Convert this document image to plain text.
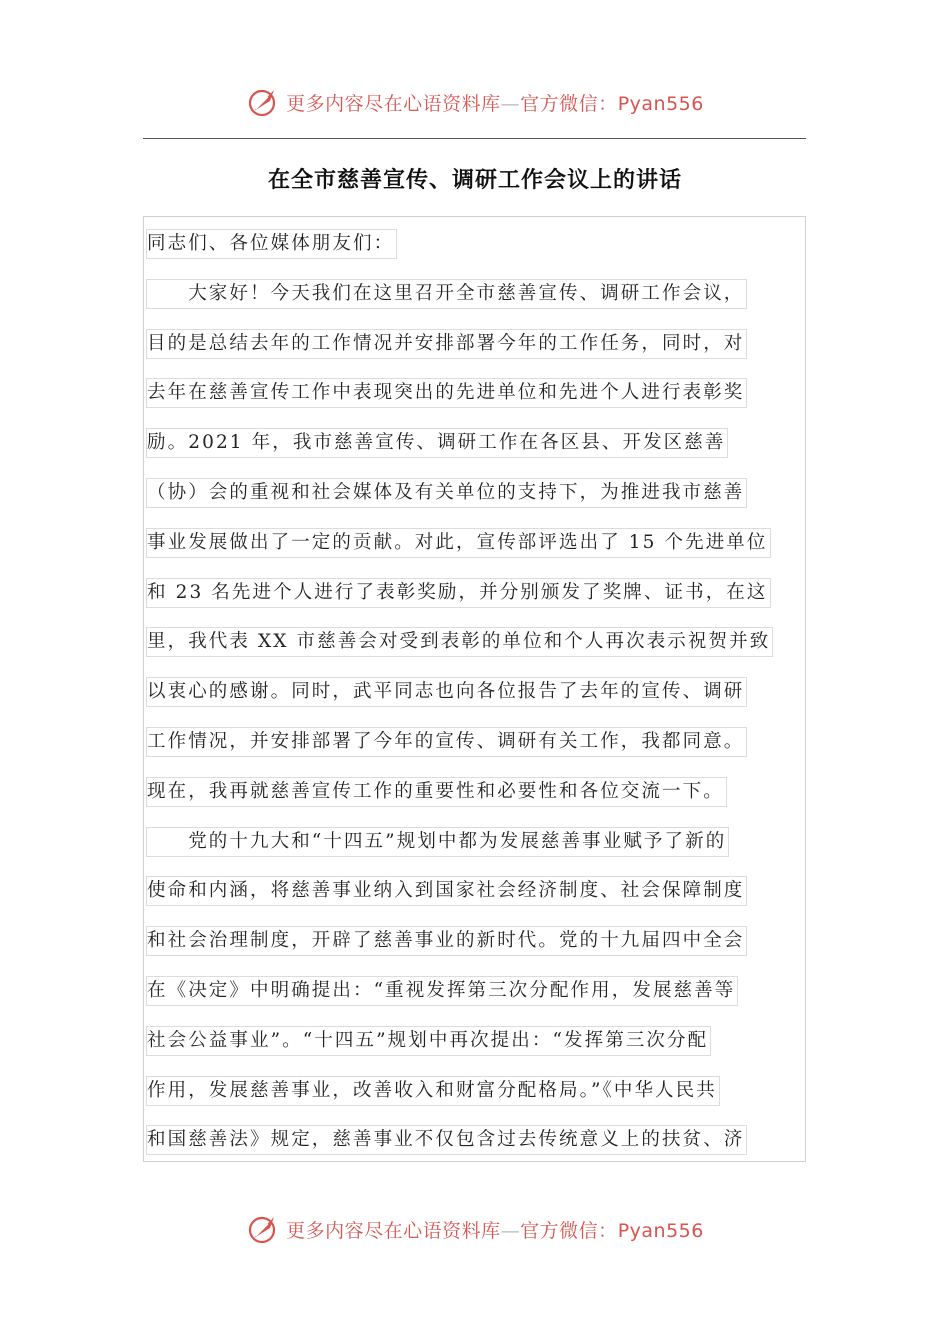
更多内容尽在心语资料库—官方微信：Pyan556
在全市慈善宣传、调研工作会议上的讲话
同志们、各位媒体朋友们：
　　大家好！今天我们在这里召开全市慈善宣传、调研工作会议，
目的是总结去年的工作情况并安排部署今年的工作任务，同时，对
去年在慈善宣传工作中表现突出的先进单位和先进个人进行表彰奖
励。2021 年，我市慈善宣传、调研工作在各区县、开发区慈善
（协）会的重视和社会媒体及有关单位的支持下，为推进我市慈善
事业发展做出了一定的贡献。对此，宣传部评选出了 15 个先进单位
和 23 名先进个人进行了表彰奖励，并分别颁发了奖牌、证书，在这
里，我代表 XX 市慈善会对受到表彰的单位和个人再次表示祝贺并致
以衷心的感谢。同时，武平同志也向各位报告了去年的宣传、调研
工作情况，并安排部署了今年的宣传、调研有关工作，我都同意。
现在，我再就慈善宣传工作的重要性和必要性和各位交流一下。
　　党的十九大和“十四五”规划中都为发展慈善事业赋予了新的
使命和内涵，将慈善事业纳入到国家社会经济制度、社会保障制度
和社会治理制度，开辟了慈善事业的新时代。党的十九届四中全会
在《决定》中明确提出：“重视发挥第三次分配作用，发展慈善等
社会公益事业”。“十四五”规划中再次提出：“发挥第三次分配
作用，发展慈善事业，改善收入和财富分配格局。”《中华人民共
和国慈善法》规定，慈善事业不仅包含过去传统意义上的扶贫、济
更多内容尽在心语资料库—官方微信：Pyan556
